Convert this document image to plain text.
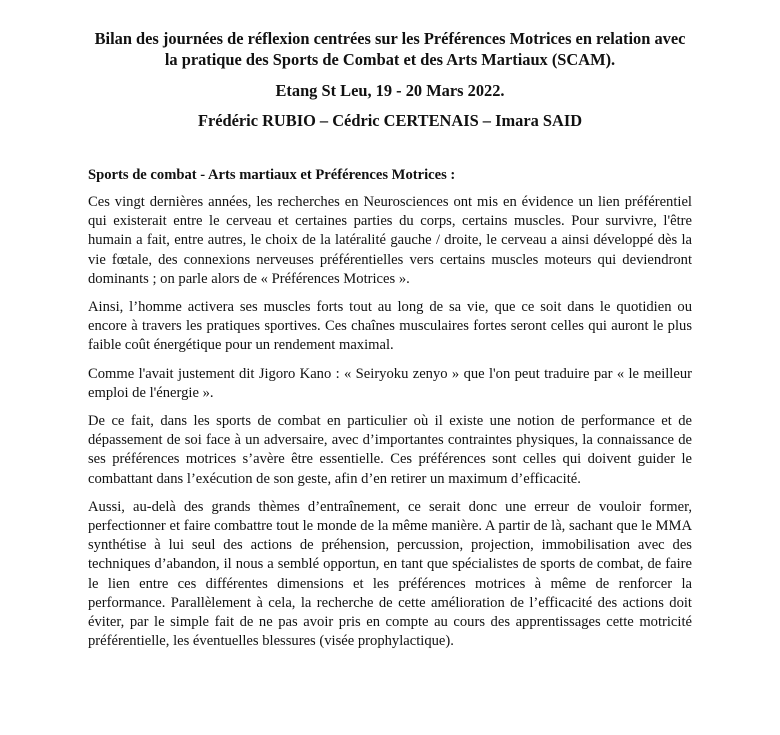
Bilan des journées de réflexion centrées sur les Préférences Motrices en relation avec la pratique des Sports de Combat et des Arts Martiaux (SCAM).

Etang St Leu, 19 - 20 Mars 2022.

Frédéric RUBIO – Cédric CERTENAIS – Imara SAID

Sports de combat - Arts martiaux et Préférences Motrices :

Ces vingt dernières années, les recherches en Neurosciences ont mis en évidence un lien préférentiel qui existerait entre le cerveau et certaines parties du corps, certains muscles. Pour survivre, l'être humain a fait, entre autres, le choix de la latéralité gauche / droite, le cerveau a ainsi développé dès la vie fœtale, des connexions nerveuses préférentielles vers certains muscles moteurs qui deviendront dominants ; on parle alors de « Préférences Motrices ».

Ainsi, l’homme activera ses muscles forts tout au long de sa vie, que ce soit dans le quotidien ou encore à travers les pratiques sportives. Ces chaînes musculaires fortes seront celles qui auront le plus faible coût énergétique pour un rendement maximal.

Comme l'avait justement dit Jigoro Kano : « Seiryoku zenyo » que l'on peut traduire par « le meilleur emploi de l'énergie ».

De ce fait, dans les sports de combat en particulier où il existe une notion de performance et de dépassement de soi face à un adversaire, avec d’importantes contraintes physiques, la connaissance de ses préférences motrices s’avère être essentielle. Ces préférences sont celles qui doivent guider le combattant dans l’exécution de son geste, afin d’en retirer un maximum d’efficacité.

Aussi, au-delà des grands thèmes d’entraînement, ce serait donc une erreur de vouloir former, perfectionner et faire combattre tout le monde de la même manière. A partir de là, sachant que le MMA synthétise à lui seul des actions de préhension, percussion, projection, immobilisation avec des techniques d’abandon, il nous a semblé opportun, en tant que spécialistes de sports de combat, de faire le lien entre ces différentes dimensions et les préférences motrices à même de renforcer la performance. Parallèlement à cela, la recherche de cette amélioration de l’efficacité des actions doit éviter, par le simple fait de ne pas avoir pris en compte au cours des apprentissages cette motricité préférentielle, les éventuelles blessures (visée prophylactique).
